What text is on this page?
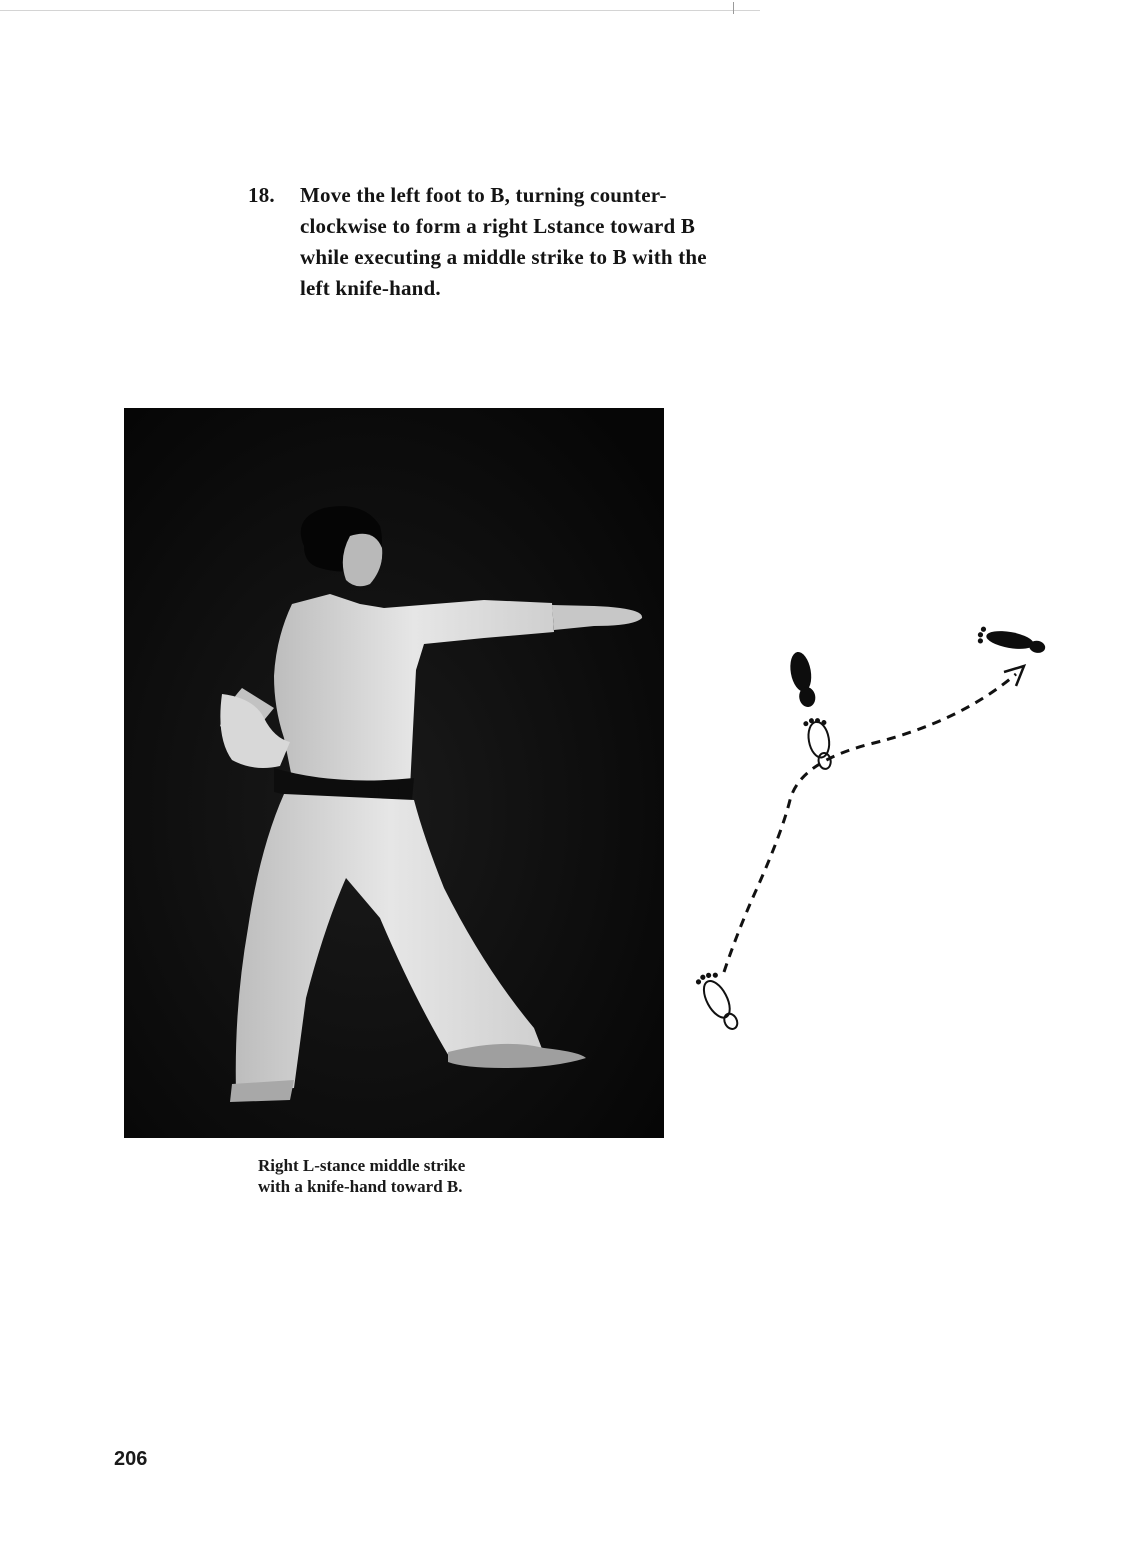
18. Move the left foot to B, turning counter-
clockwise to form a right Lstance toward B
while executing a middle strike to B with the
left knife-hand.
Right L-stance middle strike
with a knife-hand toward B.
206
